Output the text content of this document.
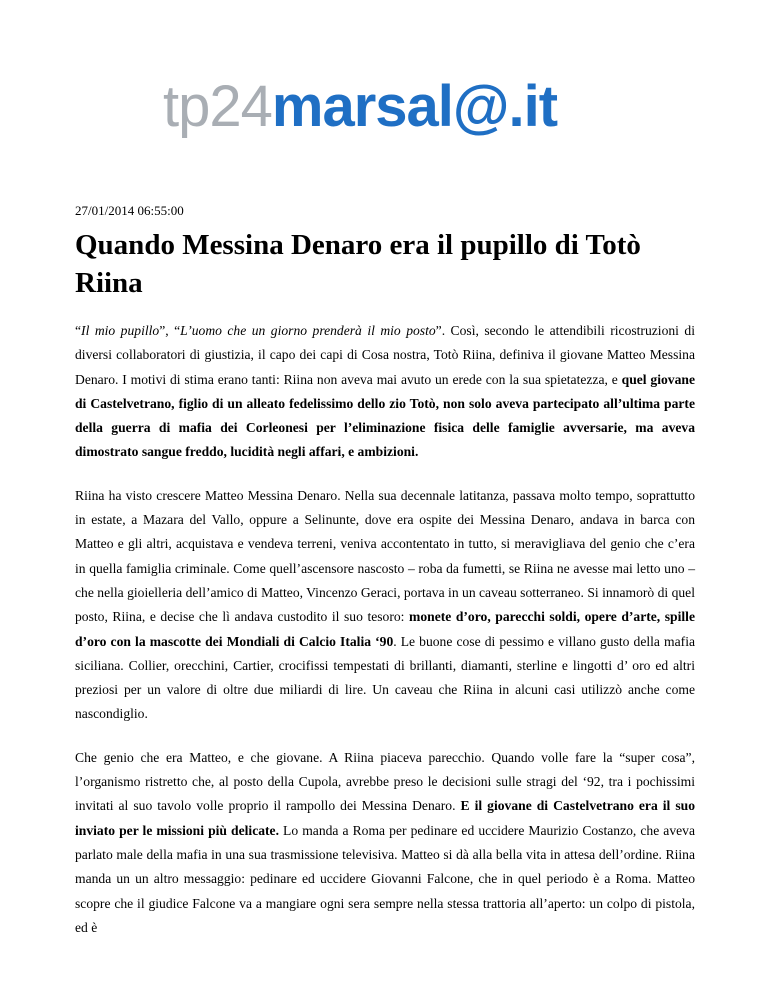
tp24 marsal@.it
27/01/2014 06:55:00
Quando Messina Denaro era il pupillo di Totò Riina

“Il mio pupillo”, “L’uomo che un giorno prenderà il mio posto”. Così, secondo le attendibili ricostruzioni di diversi collaboratori di giustizia, il capo dei capi di Cosa nostra, Totò Riina, definiva il giovane Matteo Messina Denaro. I motivi di stima erano tanti: Riina non aveva mai avuto un erede con la sua spietatezza, e quel giovane di Castelvetrano, figlio di un alleato fedelissimo dello zio Totò, non solo aveva partecipato all’ultima parte della guerra di mafia dei Corleonesi per l’eliminazione fisica delle famiglie avversarie, ma aveva dimostrato sangue freddo, lucidità negli affari, e ambizioni.

Riina ha visto crescere Matteo Messina Denaro. Nella sua decennale latitanza, passava molto tempo, soprattutto in estate, a Mazara del Vallo, oppure a Selinunte, dove era ospite dei Messina Denaro, andava in barca con Matteo e gli altri, acquistava e vendeva terreni, veniva accontentato in tutto, si meravigliava del genio che c’era in quella famiglia criminale. Come quell’ascensore nascosto – roba da fumetti, se Riina ne avesse mai letto uno – che nella gioielleria dell’amico di Matteo, Vincenzo Geraci, portava in un caveau sotterraneo. Si innamorò di quel posto, Riina, e decise che lì andava custodito il suo tesoro: monete d’oro, parecchi soldi, opere d’arte, spille d’oro con la mascotte dei Mondiali di Calcio Italia ‘90. Le buone cose di pessimo e villano gusto della mafia siciliana. Collier, orecchini, Cartier, crocifissi tempestati di brillanti, diamanti, sterline e lingotti d’ oro ed altri preziosi per un valore di oltre due miliardi di lire. Un caveau che Riina in alcuni casi utilizzò anche come nascondiglio.

Che genio che era Matteo, e che giovane. A Riina piaceva parecchio. Quando volle fare la “super cosa”, l’organismo ristretto che, al posto della Cupola, avrebbe preso le decisioni sulle stragi del ‘92, tra i pochissimi invitati al suo tavolo volle proprio il rampollo dei Messina Denaro. E il giovane di Castelvetrano era il suo inviato per le missioni più delicate. Lo manda a Roma per pedinare ed uccidere Maurizio Costanzo, che aveva parlato male della mafia in una sua trasmissione televisiva. Matteo si dà alla bella vita in attesa dell’ordine. Riina manda un un altro messaggio: pedinare ed uccidere Giovanni Falcone, che in quel periodo è a Roma. Matteo scopre che il giudice Falcone va a mangiare ogni sera sempre nella stessa trattoria all’aperto: un colpo di pistola, ed è
